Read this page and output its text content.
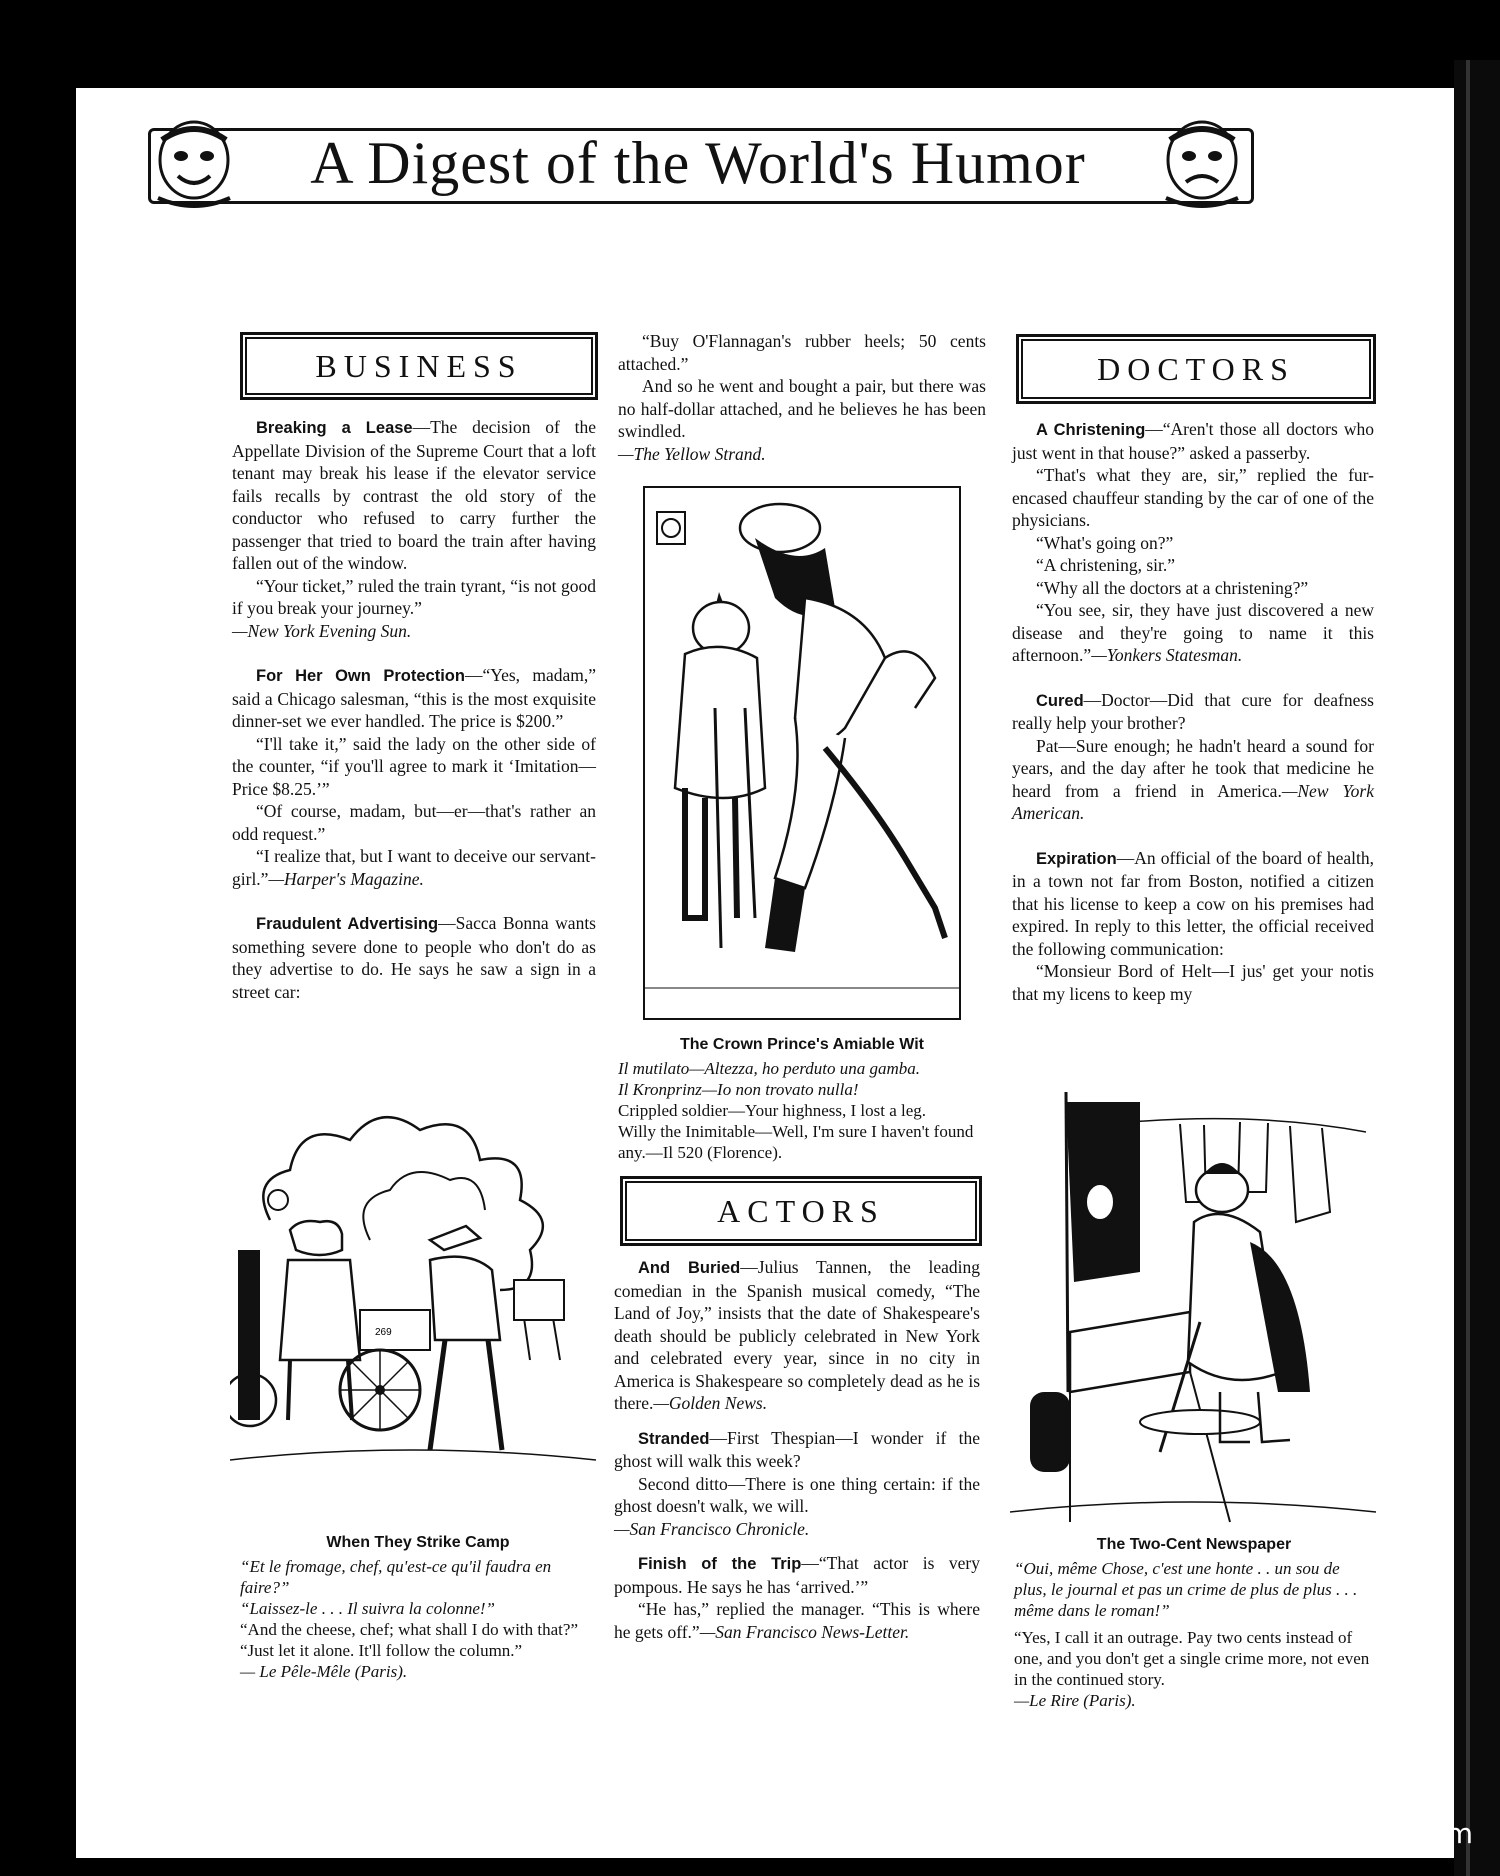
A Digest of the World's Humor
BUSINESS

Breaking a Lease—The decision of the Appellate Division of the Supreme Court that a loft tenant may break his lease if the elevator service fails recalls by contrast the old story of the conductor who refused to carry further the passenger that tried to board the train after having fallen out of the window.

“Your ticket,” ruled the train tyrant, “is not good if you break your journey.”

—New York Evening Sun.

For Her Own Protection—“Yes, madam,” said a Chicago salesman, “this is the most exquisite dinner-set we ever handled. The price is $200.”

“I'll take it,” said the lady on the other side of the counter, “if you'll agree to mark it ‘Imitation—Price $8.25.’”

“Of course, madam, but—er—that's rather an odd request.”

“I realize that, but I want to deceive our servant-girl.”—Harper's Magazine.

Fraudulent Advertising—Sacca Bonna wants something severe done to people who don't do as they advertise to do. He says he saw a sign in a street car:

269
When They Strike Camp

“Et le fromage, chef, qu'est-ce qu'il faudra en faire?”

“Laissez-le . . . Il suivra la colonne!”

“And the cheese, chef; what shall I do with that?”

“Just let it alone. It'll follow the column.”

— Le Pêle-Mêle (Paris).

“Buy O'Flannagan's rubber heels; 50 cents attached.”

And so he went and bought a pair, but there was no half-dollar attached, and he believes he has been swindled.

—The Yellow Strand.

The Crown Prince's Amiable Wit

Il mutilato—Altezza, ho perduto una gamba.

Il Kronprinz—Io non trovato nulla!

Crippled soldier—Your highness, I lost a leg.

Willy the Inimitable—Well, I'm sure I haven't found any.—Il 520 (Florence).

ACTORS

And Buried—Julius Tannen, the leading comedian in the Spanish musical comedy, “The Land of Joy,” insists that the date of Shakespeare's death should be publicly celebrated in New York and celebrated every year, since in no city in America is Shakespeare so completely dead as he is there.—Golden News.

Stranded—First Thespian—I wonder if the ghost will walk this week?

Second ditto—There is one thing certain: if the ghost doesn't walk, we will.

—San Francisco Chronicle.

Finish of the Trip—“That actor is very pompous. He says he has ‘arrived.’”

“He has,” replied the manager. “This is where he gets off.”—San Francisco News-Letter.

DOCTORS

A Christening—“Aren't those all doctors who just went in that house?” asked a passerby.

“That's what they are, sir,” replied the fur-encased chauffeur standing by the car of one of the physicians.

“What's going on?”

“A christening, sir.”

“Why all the doctors at a christening?”

“You see, sir, they have just discovered a new disease and they're going to name it this afternoon.”—Yonkers Statesman.

Cured—Doctor—Did that cure for deafness really help your brother?

Pat—Sure enough; he hadn't heard a sound for years, and the day after he took that medicine he heard from a friend in America.—New York American.

Expiration—An official of the board of health, in a town not far from Boston, notified a citizen that his license to keep a cow on his premises had expired. In reply to this letter, the official received the following communication:

“Monsieur Bord of Helt—I jus' get your notis that my licens to keep my

The Two-Cent Newspaper

“Oui, même Chose, c'est une honte . . un sou de plus, le journal et pas un crime de plus de plus . . . même dans le roman!”

“Yes, I call it an outrage. Pay two cents instead of one, and you don't get a single crime more, not even in the continued story.

—Le Rire (Paris).

comicbooks.com
